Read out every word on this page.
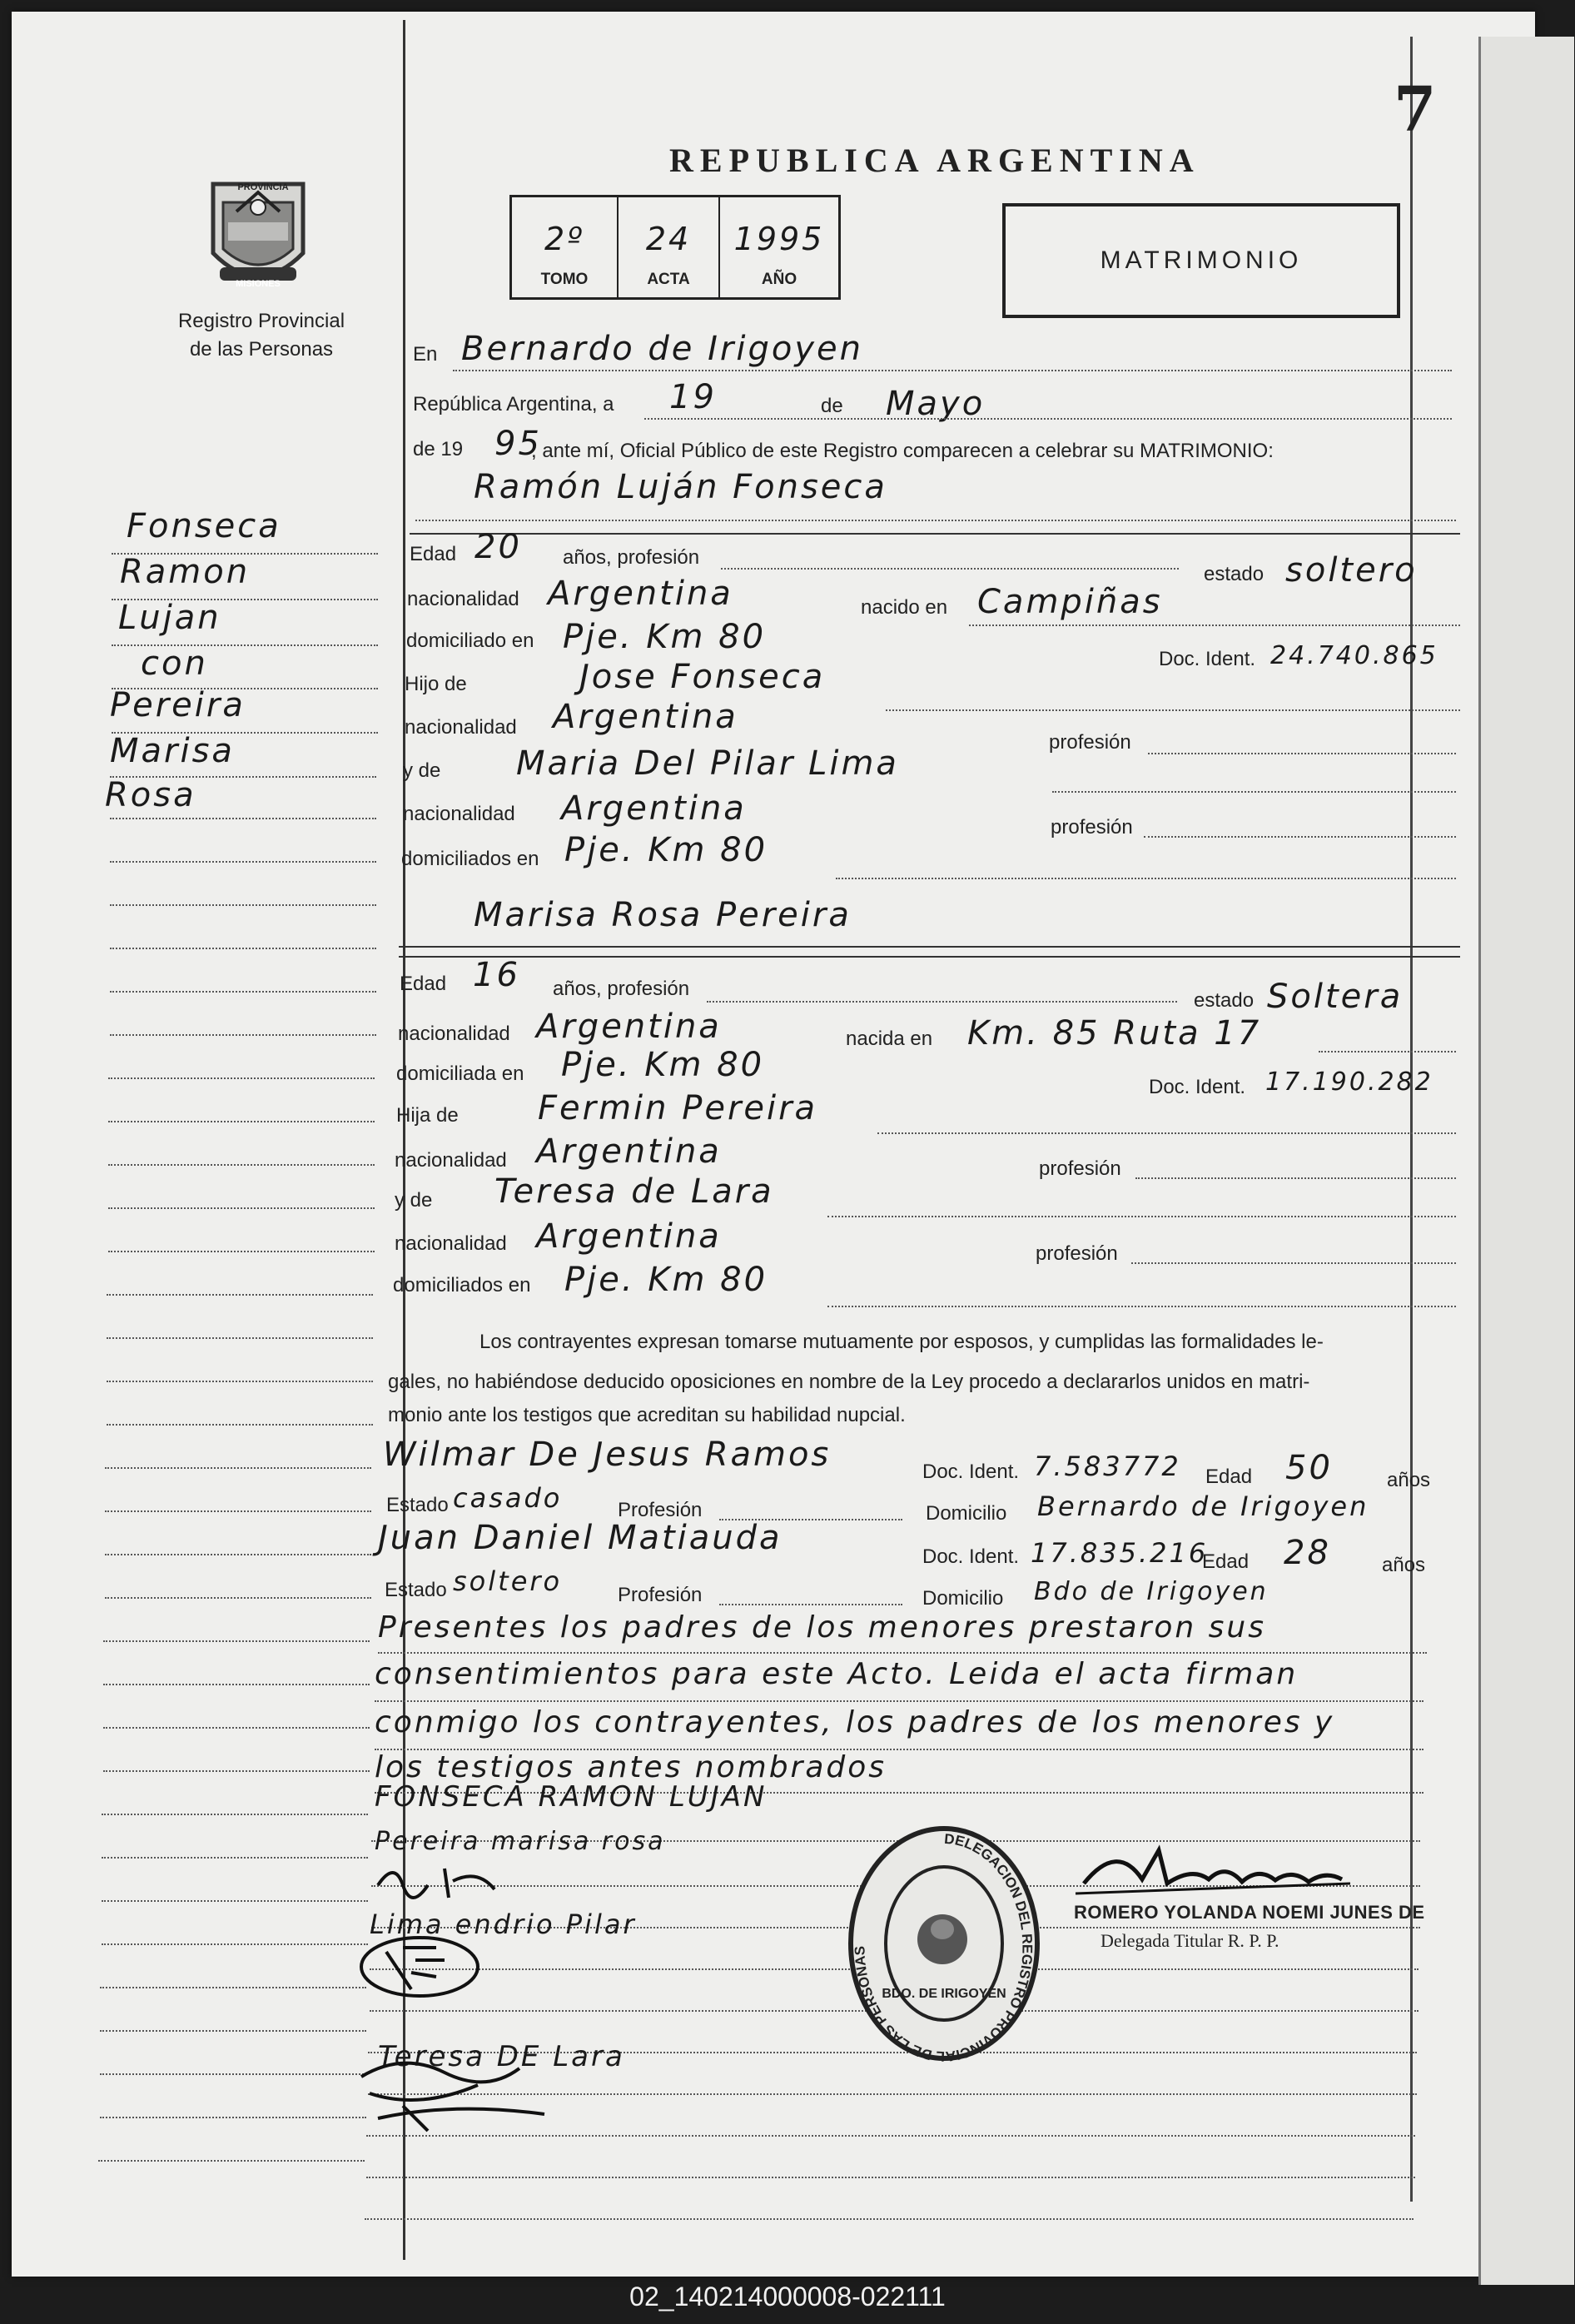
7
REPUBLICA ARGENTINA
PROVINCIA
MISIONES
Registro Provincial
de las Personas
2º
TOMO
24
ACTA
1995
AÑO
MATRIMONIO
Fonseca
Ramon
Lujan
con
Pereira
Marisa
Rosa
En Bernardo de Irigoyen
República Argentina, a 19	de Mayo
de 19 95
, ante mí, Oficial Público de este Registro comparecen a celebrar su MATRIMONIO:
Ramón Luján Fonseca
Edad 20 años, profesión
estado soltero
nacionalidad Argentina	nacido en Campiñas
domiciliado en Pje. Km 80
Doc. Ident. 24.740.865
Hijo de	Jose Fonseca
nacionalidad Argentina
profesión
y de Maria Del Pilar Lima
nacionalidad Argentina	profesión
domiciliados en Pje. Km 80
Marisa Rosa Pereira
Edad 16 años, profesión
estado Soltera
nacionalidad Argentina	nacida en Km. 85 Ruta 17
domiciliada en Pje. Km 80
Doc. Ident. 17.190.282
Hija de Fermin Pereira
nacionalidad Argentina	profesión
y de Teresa de Lara
nacionalidad Argentina	profesión
domiciliados en Pje. Km 80
Los contrayentes expresan tomarse mutuamente por esposos, y cumplidas las formalidades le-
gales, no habiéndose deducido oposiciones en nombre de la Ley procedo a declararlos unidos en matri-
monio ante los testigos que acreditan su habilidad nupcial.
Wilmar De Jesus Ramos	Doc. Ident. 7.583772 Edad 50	años
Estado casado	Profesión	Domicilio Bernardo de Irigoyen
Juan Daniel Matiauda	Doc. Ident. 17.835.216
Edad 28	años
Estado soltero	Profesión	Domicilio Bdo de Irigoyen
Presentes los padres de los menores prestaron sus
consentimientos para este Acto. Leida el acta firman
conmigo los contrayentes, los padres de los menores y
los testigos antes nombrados
FONSECA RAMON LUJAN
Pereira marisa rosa
Lima endrio Pilar
Teresa DE Lara
DELEGACION DEL REGISTRO PROVINCIAL DE LAS PERSONAS
BDO. DE IRIGOYEN
ROMERO YOLANDA NOEMI JUNES DE
Delegada Titular R. P. P.
02_140214000008-022111
